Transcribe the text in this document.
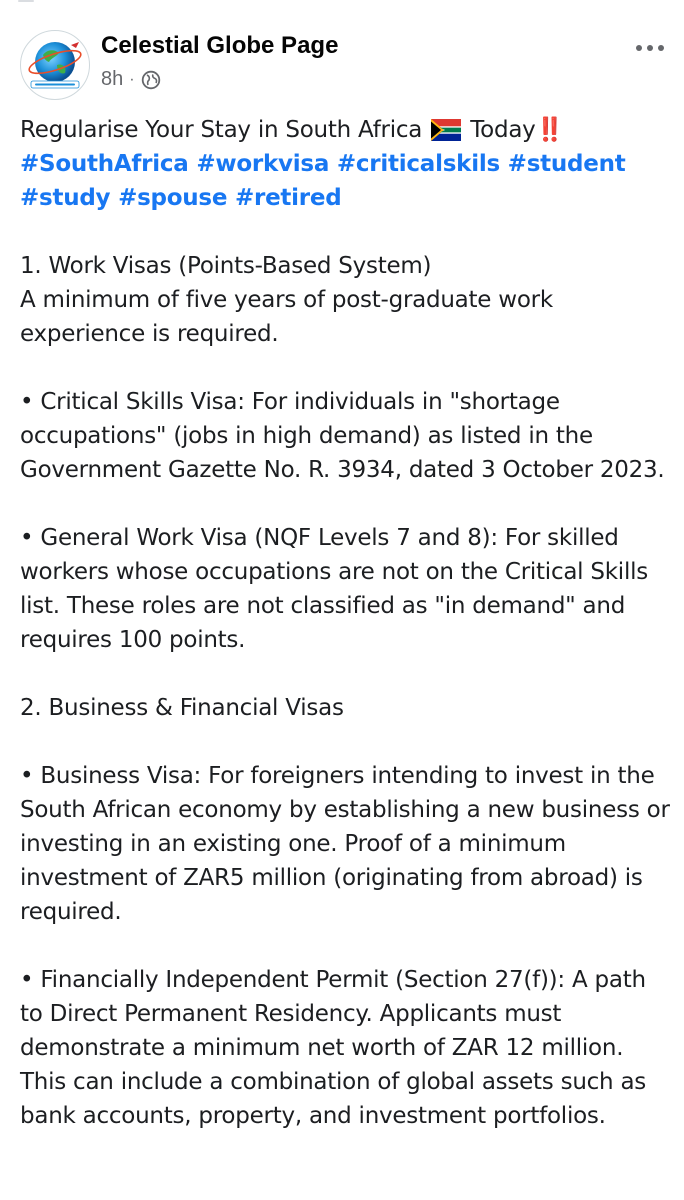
Celestial Globe Page
8h ·

Regularise Your Stay in South Africa Today‼️

#SouthAfrica #workvisa #criticalskils #student #study #spouse #retired

1. Work Visas (Points-Based System)

A minimum of five years of post-graduate work experience is required.

• Critical Skills Visa: For individuals in "shortage occupations" (jobs in high demand) as listed in the Government Gazette No. R. 3934, dated 3 October 2023.

• General Work Visa (NQF Levels 7 and 8): For skilled workers whose occupations are not on the Critical Skills list. These roles are not classified as "in demand" and requires 100 points.

2. Business & Financial Visas

• Business Visa: For foreigners intending to invest in the South African economy by establishing a new business or investing in an existing one. Proof of a minimum investment of ZAR5 million (originating from abroad) is required.

• Financially Independent Permit (Section 27(f)): A path to Direct Permanent Residency. Applicants must demonstrate a minimum net worth of ZAR 12 million. This can include a combination of global assets such as bank accounts, property, and investment portfolios.
